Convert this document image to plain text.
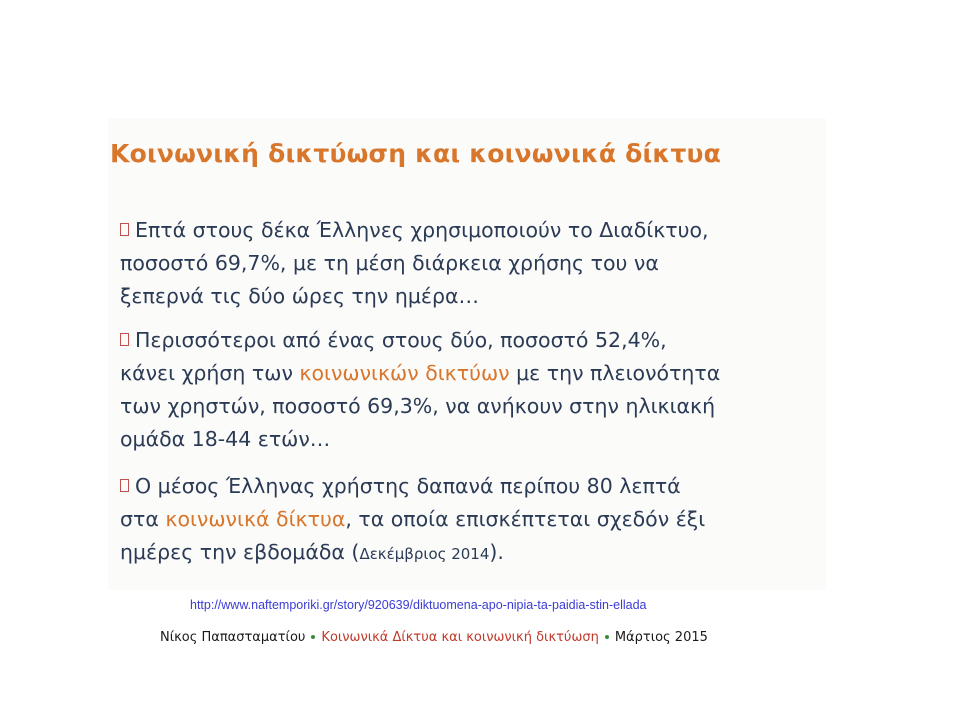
Κοινωνική δικτύωση και κοινωνικά δίκτυα
Επτά στους δέκα Έλληνες χρησιμοποιούν το Διαδίκτυο,
ποσοστό 69,7%, με τη μέση διάρκεια χρήσης του να
ξεπερνά τις δύο ώρες την ημέρα…
Περισσότεροι από ένας στους δύο, ποσοστό 52,4%,
κάνει χρήση των κοινωνικών δικτύων με την πλειονότητα
των χρηστών, ποσοστό 69,3%, να ανήκουν στην ηλικιακή
ομάδα 18-44 ετών…
Ο μέσος Έλληνας χρήστης δαπανά περίπου 80 λεπτά
στα κοινωνικά δίκτυα, τα οποία επισκέπτεται σχεδόν έξι
ημέρες την εβδομάδα (Δεκέμβριος 2014).
http://www.naftemporiki.gr/story/920639/diktuomena-apo-nipia-ta-paidia-stin-ellada
Νίκος Παπασταματίου Κοινωνικά Δίκτυα και κοινωνική δικτύωση Μάρτιος 2015
